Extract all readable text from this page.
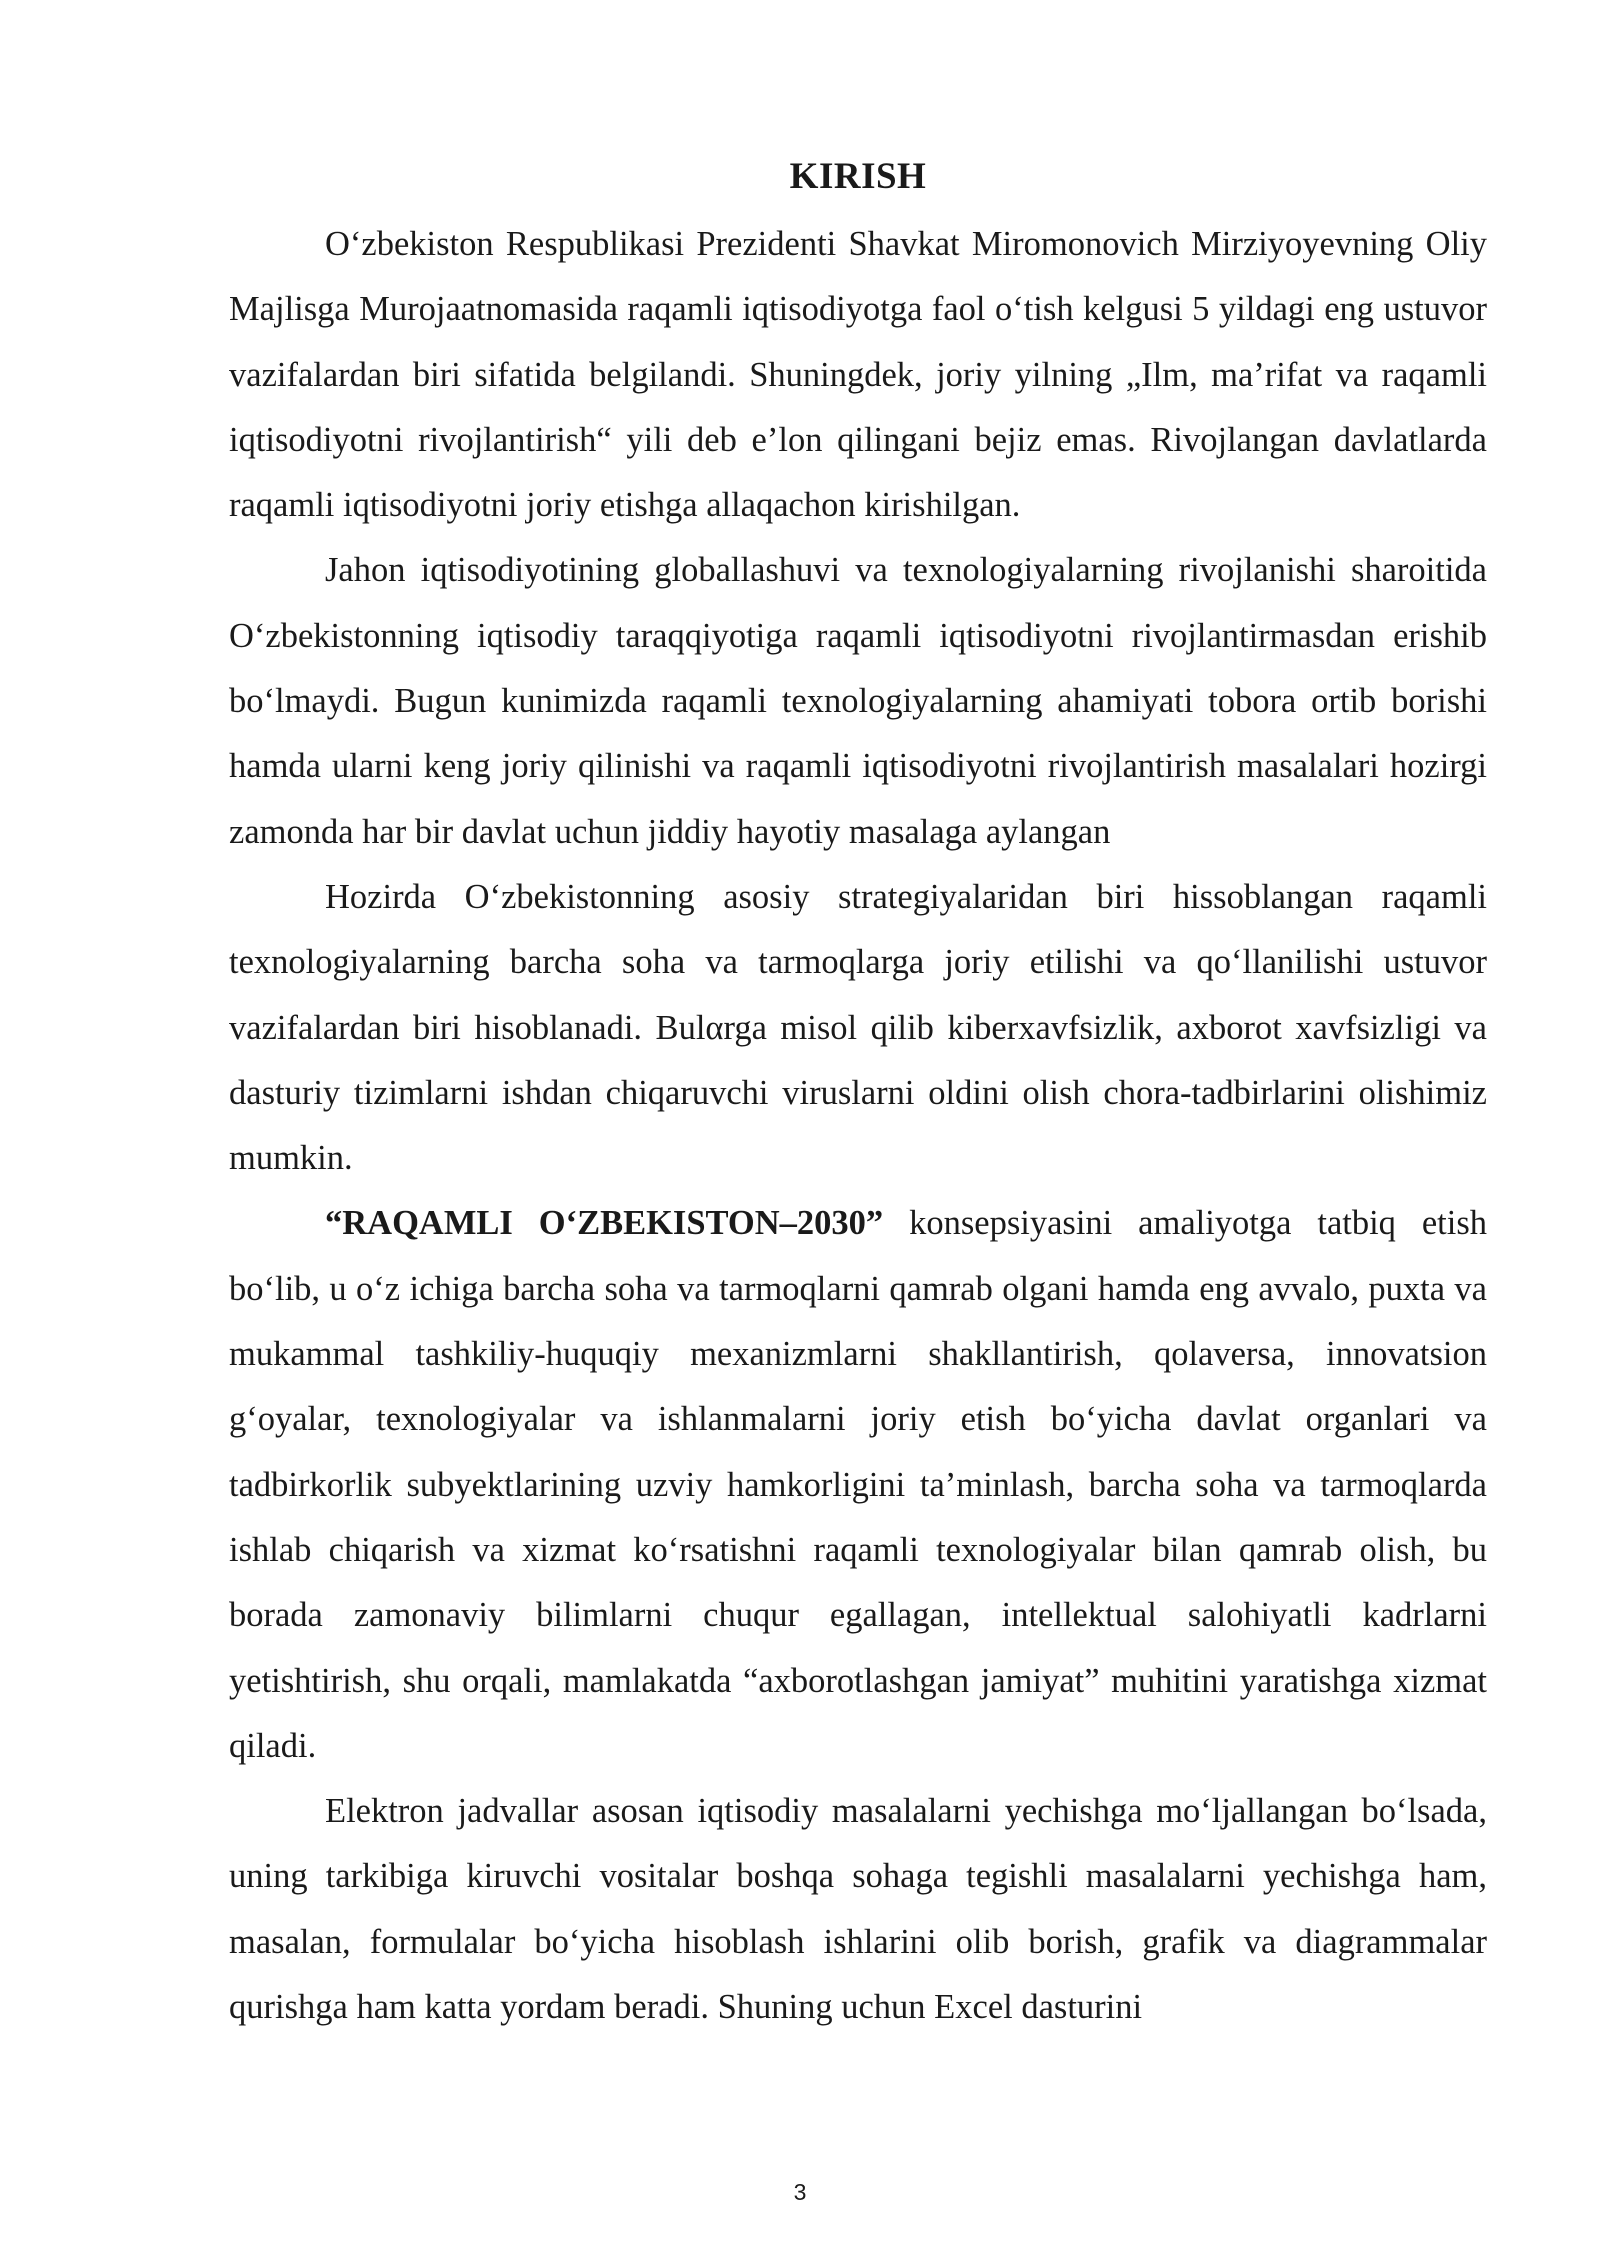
KIRISH

O‘zbekiston Respublikasi Prezidenti Shavkat Miromonovich Mirziyoyevning Oliy Majlisga Murojaatnomasida raqamli iqtisodiyotga faol o‘tish kelgusi 5 yildagi eng ustuvor vazifalardan biri sifatida belgilandi. Shuningdek, joriy yilning „Ilm, ma’rifat va raqamli iqtisodiyotni rivojlantirish“ yili deb e’lon qilingani bejiz emas. Rivojlangan davlatlarda raqamli iqtisodiyotni joriy etishga allaqachon kirishilgan.

Jahon iqtisodiyotining globallashuvi va texnologiyalarning rivojlanishi sharoitida O‘zbekistonning iqtisodiy taraqqiyotiga raqamli iqtisodiyotni rivojlantirmasdan erishib bo‘lmaydi. Bugun kunimizda raqamli texnologiyalarning ahamiyati tobora ortib borishi hamda ularni keng joriy qilinishi va raqamli iqtisodiyotni rivojlantirish masalalari hozirgi zamonda har bir davlat uchun jiddiy hayotiy masalaga aylangan

Hozirda O‘zbekistonning asosiy strategiyalaridan biri hissoblangan raqamli texnologiyalarning barcha soha va tarmoqlarga joriy etilishi va qo‘llanilishi ustuvor vazifalardan biri hisoblanadi. Bulαrga misol qilib kiberxavfsizlik, axborot xavfsizligi va dasturiy tizimlarni ishdan chiqaruvchi viruslarni oldini olish chora-tadbirlarini olishimiz mumkin.

“RAQAMLI O‘ZBEKISTON–2030” konsepsiyasini amaliyotga tatbiq etish bo‘lib, u o‘z ichiga barcha soha va tarmoqlarni qamrab olgani hamda eng avvalo, puxta va mukammal tashkiliy-huquqiy mexanizmlarni shakllantirish, qolaversa, innovatsion g‘oyalar, texnologiyalar va ishlanmalarni joriy etish bo‘yicha davlat organlari va tadbirkorlik subyektlarining uzviy hamkorligini ta’minlash, barcha soha va tarmoqlarda ishlab chiqarish va xizmat ko‘rsatishni raqamli texnologiyalar bilan qamrab olish, bu borada zamonaviy bilimlarni chuqur egallagan, intellektual salohiyatli kadrlarni yetishtirish, shu orqali, mamlakatda “axborotlashgan jamiyat” muhitini yaratishga xizmat qiladi.

Elektron jadvallar asosan iqtisodiy masalalarni yechishga mo‘ljallangan bo‘lsada, uning tarkibiga kiruvchi vositalar boshqa sohaga tegishli masalalarni yechishga ham, masalan, formulalar bo‘yicha hisoblash ishlarini olib borish, grafik va diagrammalar qurishga ham katta yordam beradi. Shuning uchun Excel dasturini

3
